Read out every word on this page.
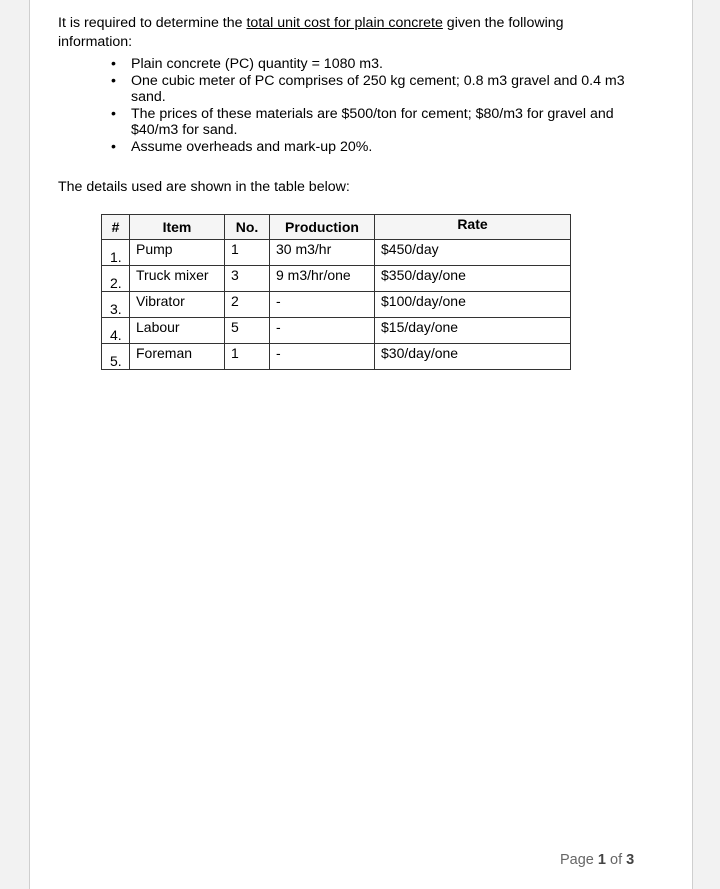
It is required to determine the total unit cost for plain concrete given the following information:

• Plain concrete (PC) quantity = 1080 m3.
• One cubic meter of PC comprises of 250 kg cement; 0.8 m3 gravel and 0.4 m3 sand.
• The prices of these materials are $500/ton for cement; $80/m3 for gravel and $40/m3 for sand.
• Assume overheads and mark-up 20%.

The details used are shown in the table below:

#	Item	No.	Production	Rate
1.	Pump	1	30 m3/hr	$450/day
2.	Truck mixer	3	9 m3/hr/one	$350/day/one
3.	Vibrator	2	-	$100/day/one
4.	Labour	5	-	$15/day/one
5.	Foreman	1	-	$30/day/one
Page 1 of 3
